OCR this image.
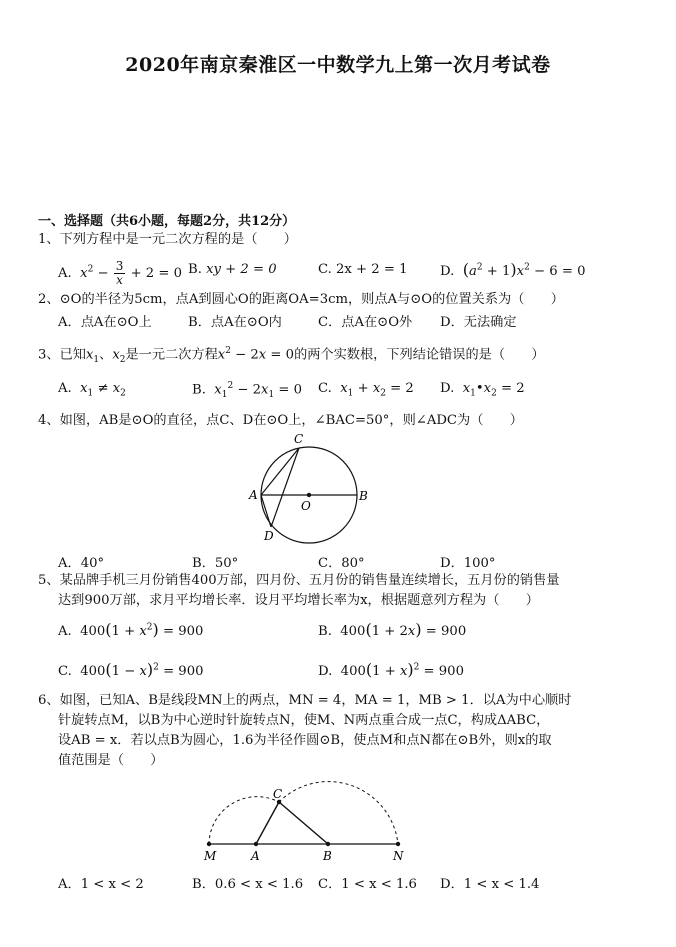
2020年南京秦淮区一中数学九上第一次月考试卷
一、选择题（共6小题，每题2分，共12分）
1、下列方程中是一元二次方程的是（　　）
A. $x^2 - \frac{3}{x} + 2 = 0$ B. xy + 2 = 0	C. 2x + 2 = 1 D. $(a^2 + 1)x^2 - 6 = 0$
2、⊙O的半径为5cm，点A到圆心O的距离OA=3cm，则点A与⊙O的位置关系为（　　）
A．点A在⊙O上	B．点A在⊙O内	C．点A在⊙O外 D．无法确定
3、已知$x_1$、$x_2$是一元二次方程$x^2 - 2x = 0$的两个实数根，下列结论错误的是（　　）
A. $x_1 \ne x_2$	B. $x_1^2 - 2x_1 = 0$ C. $x_1 + x_2 = 2$ D. $x_1•x_2 = 2$
4、如图，AB是⊙O的直径，点C、D在⊙O上，∠BAC=50°，则∠ADC为（　　）
A	B
C
D
O
A．40°	B．50°	C．80°	D．100°
5、某品牌手机三月份销售400万部，四月份、五月份的销售量连续增长，五月份的销售量
达到900万部，求月平均增长率．设月平均增长率为x，根据题意列方程为（　　）
A.  $400(1 + x^2) = 900$	B.  400(1 + 2x) = 900
C.  $400(1 - x)^2 = 900$	D.  $400(1 + x)^2 = 900$
6、如图，已知A、B是线段MN上的两点，MN = 4，MA = 1，MB > 1．以A为中心顺时
针旋转点M，以B为中心逆时针旋转点N，使M、N两点重合成一点C，构成ΔABC，
设AB = x．若以点B为圆心，1.6为半径作圆⊙B，使点M和点N都在⊙B外，则x的取
值范围是（　　）
M	A	B	N
C
A．1 < x < 2	B．0.6 < x < 1.6 C．1 < x < 1.6 D．1 < x < 1.4
